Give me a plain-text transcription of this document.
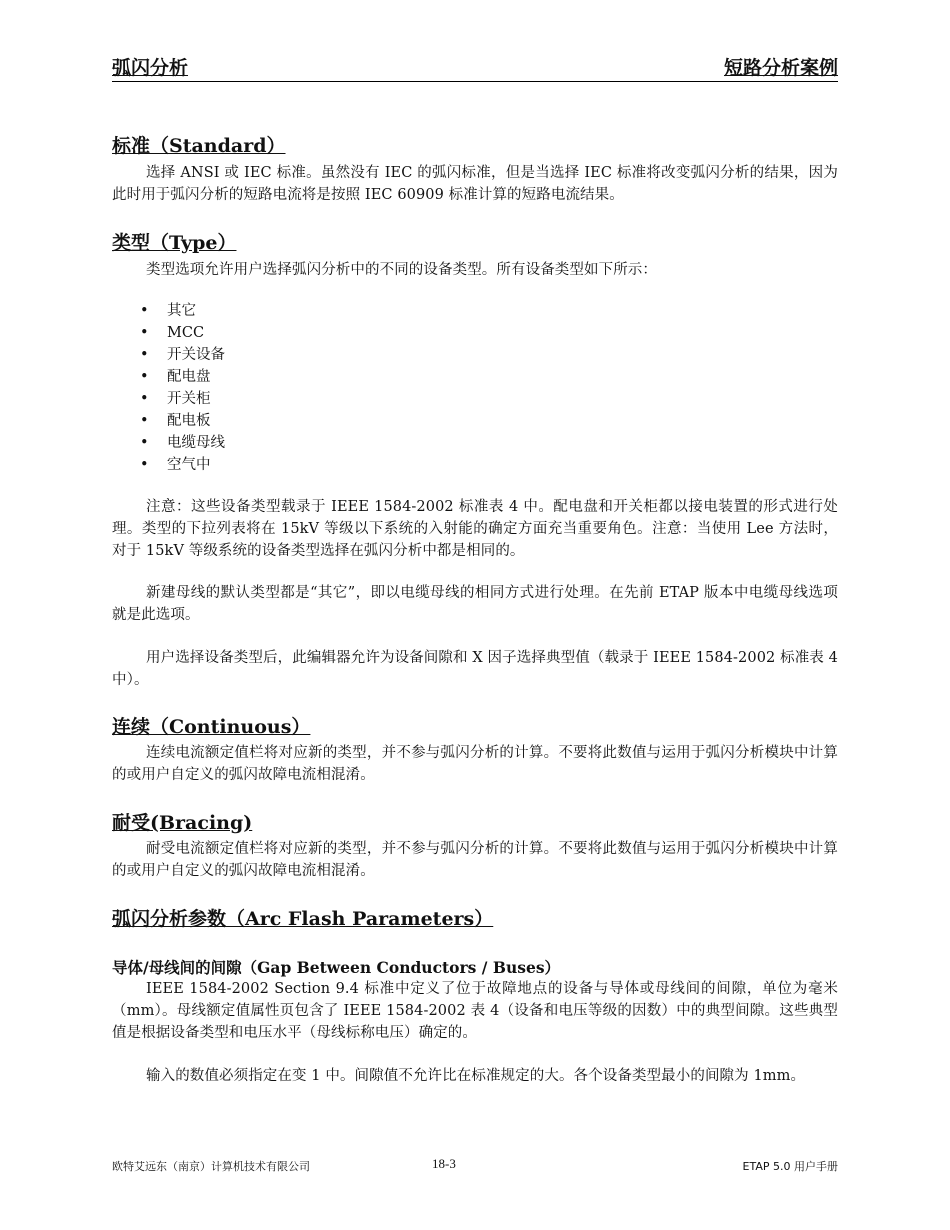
弧闪分析	短路分析案例
标准（Standard）
选择 ANSI 或 IEC 标准。虽然没有 IEC 的弧闪标准，但是当选择 IEC 标准将改变弧闪分析的结果，因为此时用于弧闪分析的短路电流将是按照 IEC 60909 标准计算的短路电流结果。
类型（Type）
类型选项允许用户选择弧闪分析中的不同的设备类型。所有设备类型如下所示：
• 其它
• MCC
• 开关设备
• 配电盘
• 开关柜
• 配电板
• 电缆母线
• 空气中
注意：这些设备类型载录于 IEEE 1584-2002 标准表 4 中。配电盘和开关柜都以接电装置的形式进行处理。类型的下拉列表将在 15kV 等级以下系统的入射能的确定方面充当重要角色。注意：当使用 Lee 方法时，对于 15kV 等级系统的设备类型选择在弧闪分析中都是相同的。
新建母线的默认类型都是“其它”，即以电缆母线的相同方式进行处理。在先前 ETAP 版本中电缆母线选项就是此选项。
用户选择设备类型后，此编辑器允许为设备间隙和 X 因子选择典型值（载录于 IEEE 1584-2002 标准表 4 中）。
连续（Continuous）
连续电流额定值栏将对应新的类型，并不参与弧闪分析的计算。不要将此数值与运用于弧闪分析模块中计算的或用户自定义的弧闪故障电流相混淆。
耐受(Bracing)
耐受电流额定值栏将对应新的类型，并不参与弧闪分析的计算。不要将此数值与运用于弧闪分析模块中计算的或用户自定义的弧闪故障电流相混淆。
弧闪分析参数（Arc Flash Parameters）
导体/母线间的间隙（Gap Between Conductors / Buses）
IEEE 1584-2002 Section 9.4 标准中定义了位于故障地点的设备与导体或母线间的间隙，单位为毫米（mm）。母线额定值属性页包含了 IEEE 1584-2002 表 4（设备和电压等级的因数）中的典型间隙。这些典型值是根据设备类型和电压水平（母线标称电压）确定的。
输入的数值必须指定在变 1 中。间隙值不允许比在标准规定的大。各个设备类型最小的间隙为 1mm。
欧特艾远东（南京）计算机技术有限公司	18-3	ETAP 5.0 用户手册
